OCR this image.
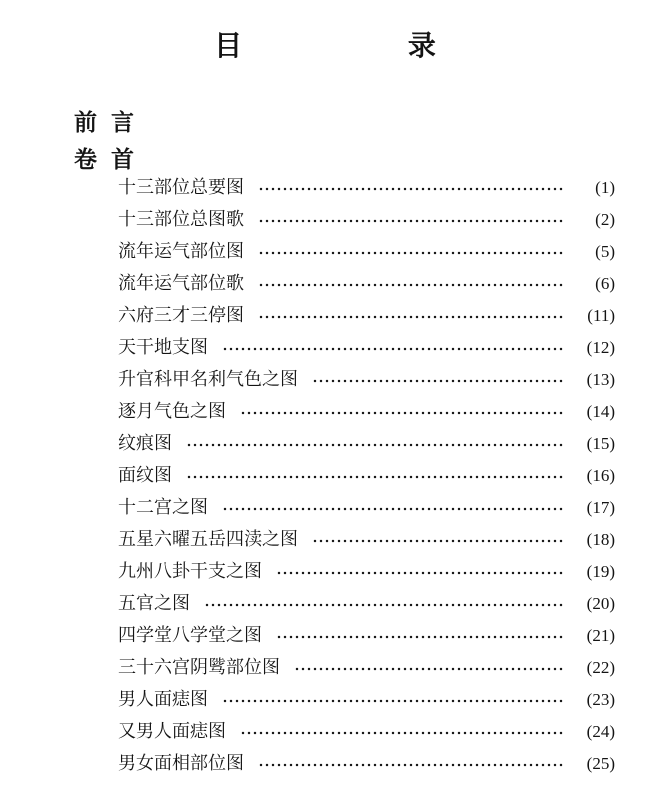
目 录
前言
卷首
十三部位总要图	(1)
十三部位总图歌	(2)
流年运气部位图	(5)
流年运气部位歌	(6)
六府三才三停图	(11)
天干地支图	(12)
升官科甲名利气色之图	(13)
逐月气色之图	(14)
纹痕图	(15)
面纹图	(16)
十二宫之图	(17)
五星六曜五岳四渎之图	(18)
九州八卦干支之图	(19)
五官之图	(20)
四学堂八学堂之图	(21)
三十六宫阴骘部位图	(22)
男人面痣图	(23)
又男人面痣图	(24)
男女面相部位图	(25)
